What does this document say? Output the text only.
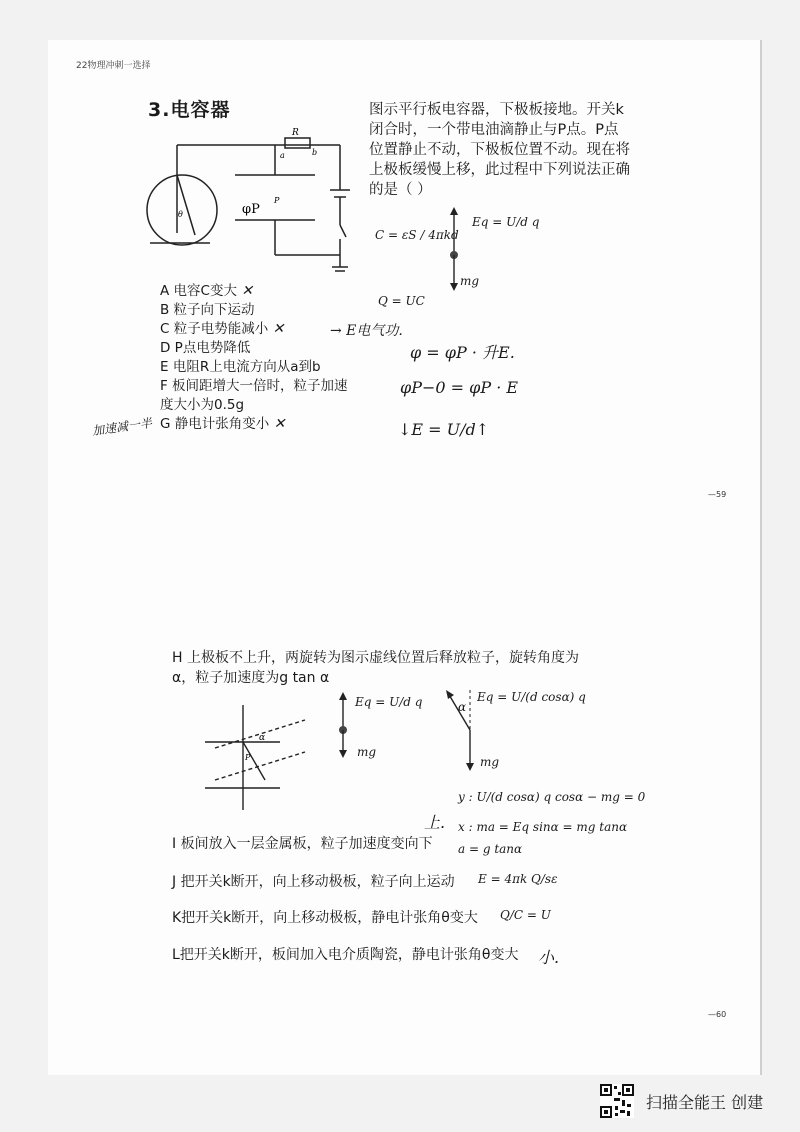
22物理冲刺一选择
3.电容器
R
a	b
θ
P
φP
图示平行板电容器，下极板接地。开关k闭合时，一个带电油滴静止与P点。P点位置静止不动，下极板位置不动。现在将上极板缓慢上移，此过程中下列说法正确的是（ ）
C = εS / 4πkd
Eq = U/d q
mg
Q = UC
A 电容C变大 ✕
B 粒子向下运动
C 粒子电势能减小 ✕
D P点电势降低
E 电阻R上电流方向从a到b
F 板间距增大一倍时，粒子加速
度大小为0.5g
G 静电计张角变小 ✕
→ E电气功.
φ = φP · 升E.
φP−0 = φP · E
↓E = U/d↑
加速减一半
—59
H 上极板不上升，两旋转为图示虚线位置后释放粒子，旋转角度为α，粒子加速度为g tan α
P
α
Eq = U/d q
mg
α
Eq = U/(d cosα) q
mg
y : U/(d cosα) q cosα − mg = 0
x : ma = Eq sinα = mg tanα
a = g tanα
I 板间放入一层金属板，粒子加速度变向下
上.
J 把开关k断开，向上移动极板，粒子向上运动 E = 4πk Q/sε
K把开关k断开，向上移动极板，静电计张角θ变大 Q/C = U
L把开关k断开，板间加入电介质陶瓷，静电计张角θ变大 小.
—60
扫描全能王 创建
